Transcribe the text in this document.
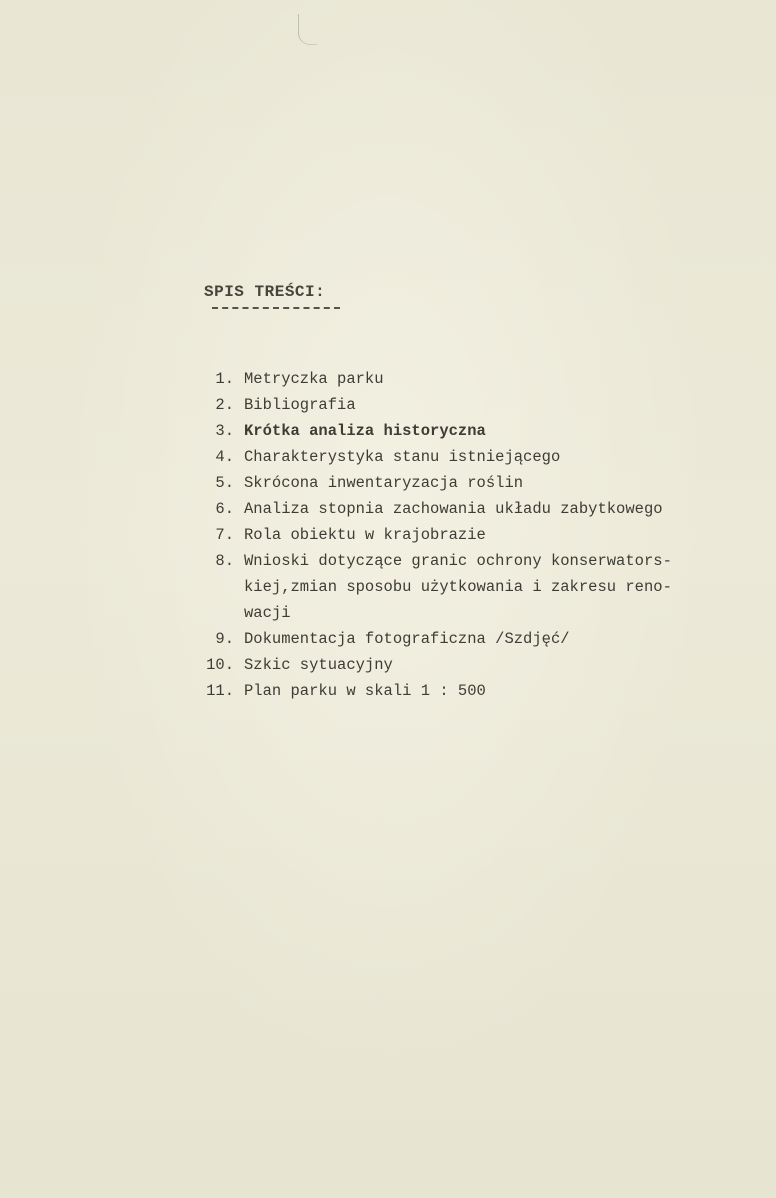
SPIS TREŚCI:
1. Metryczka parku
2. Bibliografia
3. Krótka analiza historyczna
4. Charakterystyka stanu istniejącego
5. Skrócona inwentaryzacja roślin
6. Analiza stopnia zachowania układu zabytkowego
7. Rola obiektu w krajobrazie
8. Wnioski dotyczące granic ochrony konserwators-
kiej,zmian sposobu użytkowania i zakresu reno-
wacji
9. Dokumentacja fotograficzna /Szdjęć/
10. Szkic sytuacyjny
11. Plan parku w skali 1 : 500
